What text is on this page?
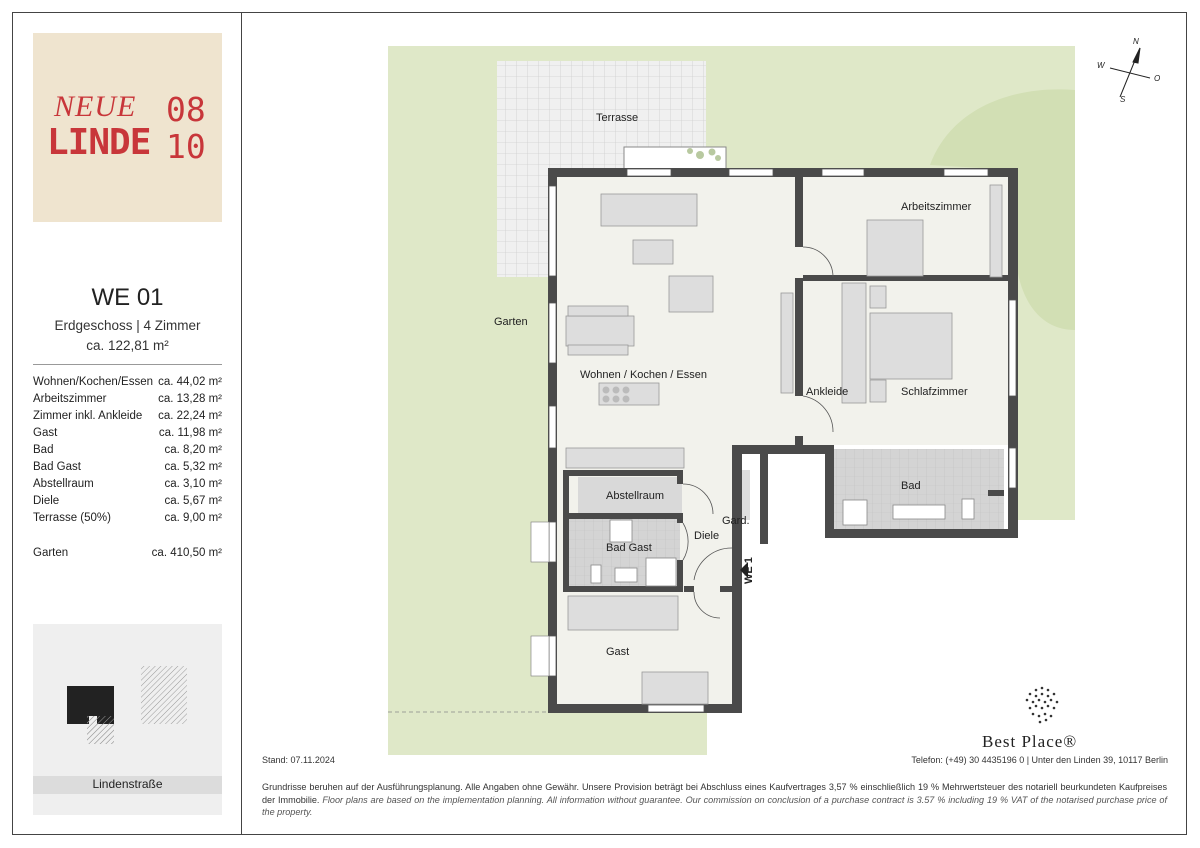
NEUE
LINDE
08
10
WE 01
Erdgeschoss | 4 Zimmer
ca. 122,81 m²
Wohnen/Kochen/Essen ca. 44,02 m²
Arbeitszimmer	ca. 13,28 m²
Zimmer inkl. Ankleide ca. 22,24 m²
Gast	ca. 11,98 m²
Bad	ca. 8,20 m²
Bad Gast	ca. 5,32 m²
Abstellraum	ca. 3,10 m²
Diele	ca. 5,67 m²
Terrasse (50%)	ca. 9,00 m²
Garten	ca. 410,50 m²
Lindenstraße
Terrasse
Garten
Wohnen / Kochen / Essen
Arbeitszimmer
Ankleide	Schlafzimmer
Bad
Abstellraum
Bad Gast
Diele
Gard.
Gast
WE 1
N
S
W
O
Best Place®
Stand: 07.11.2024	Telefon: (+49) 30 4435196 0 | Unter den Linden 39, 10117 Berlin
Grundrisse beruhen auf der Ausführungsplanung. Alle Angaben ohne Gewähr. Unsere Provision beträgt bei Abschluss eines Kaufvertrages 3,57 % einschließlich 19 % Mehrwertsteuer des notariell beurkundeten Kaufpreises der Immobilie. Floor plans are based on the implementation planning. All information without guarantee. Our commission on conclusion of a purchase contract is 3.57 % including 19 % VAT of the notarised purchase price of the property.
